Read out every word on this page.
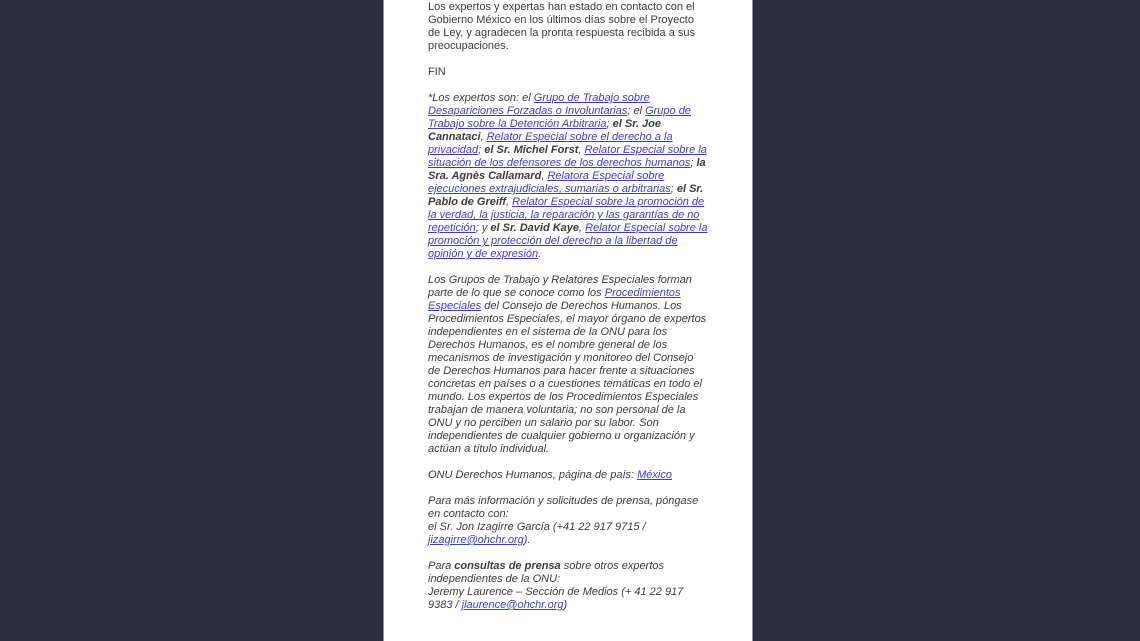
Los expertos y expertas han estado en contacto con el Gobierno México en los últimos días sobre el Proyecto de Ley, y agradecen la pronta respuesta recibida a sus preocupaciones.

FIN

*Los expertos son: el Grupo de Trabajo sobre Desapariciones Forzadas o Involuntarias; el Grupo de Trabajo sobre la Detención Arbitraria; el Sr. Joe Cannataci, Relator Especial sobre el derecho a la privacidad; el Sr. Michel Forst, Relator Especial sobre la situación de los defensores de los derechos humanos; la Sra. Agnès Callamard, Relatora Especial sobre ejecuciones extrajudiciales, sumarias o arbitrarias; el Sr. Pablo de Greiff, Relator Especial sobre la promoción de la verdad, la justicia, la reparación y las garantías de no repetición; y el Sr. David Kaye, Relator Especial sobre la promoción y protección del derecho a la libertad de opinión y de expresión.

Los Grupos de Trabajo y Relatores Especiales forman parte de lo que se conoce como los Procedimientos Especiales del Consejo de Derechos Humanos. Los Procedimientos Especiales, el mayor órgano de expertos independientes en el sistema de la ONU para los Derechos Humanos, es el nombre general de los mecanismos de investigación y monitoreo del Consejo de Derechos Humanos para hacer frente a situaciones concretas en países o a cuestiones temáticas en todo el mundo. Los expertos de los Procedimientos Especiales trabajan de manera voluntaria; no son personal de la ONU y no perciben un salario por su labor. Son independientes de cualquier gobierno u organización y actúan a título individual.

ONU Derechos Humanos, página de país: México

Para más información y solicitudes de prensa, póngase en contacto con:
el Sr. Jon Izagirre García (+41 22 917 9715 / jizagirre@ohchr.org).

Para consultas de prensa sobre otros expertos independientes de la ONU:
Jeremy Laurence – Sección de Medios (+ 41 22 917 9383 / jlaurence@ohchr.org)
